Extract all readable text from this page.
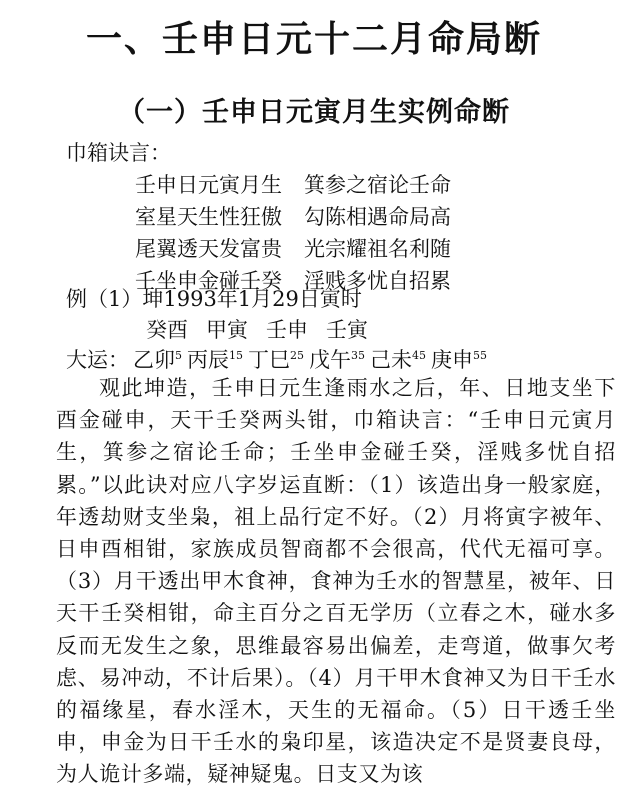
一、壬申日元十二月命局断
（一）壬申日元寅月生实例命断
巾箱诀言：
壬申日元寅月生 箕参之宿论壬命
室星天生性狂傲 勾陈相遇命局高
尾翼透天发富贵 光宗耀祖名利随
壬坐申金碰壬癸 淫贱多忧自招累
例（1）坤1993年1月29日寅时
癸酉 甲寅 壬申 壬寅
大运： 乙卯$^5$ 丙辰$^{15}$ 丁巳$^{25}$ 戊午$^{35}$ 己未$^{45}$ 庚申$^{55}$

观此坤造，壬申日元生逢雨水之后，年、日地支坐下酉金碰申，天干壬癸两头钳，巾箱诀言：“壬申日元寅月生，箕参之宿论壬命；壬坐申金碰壬癸，淫贱多忧自招累。”以此诀对应八字岁运直断：（1）该造出身一般家庭，年透劫财支坐枭，祖上品行定不好。（2）月将寅字被年、日申酉相钳，家族成员智商都不会很高，代代无福可享。（3）月干透出甲木食神，食神为壬水的智慧星，被年、日天干壬癸相钳，命主百分之百无学历（立春之木，碰水多反而无发生之象，思维最容易出偏差，走弯道，做事欠考虑、易冲动，不计后果）。（4）月干甲木食神又为日干壬水的福缘星，春水淫木，天生的无福命。（5）日干透壬坐申，申金为日干壬水的枭印星，该造决定不是贤妻良母，为人诡计多端，疑神疑鬼。日支又为该
